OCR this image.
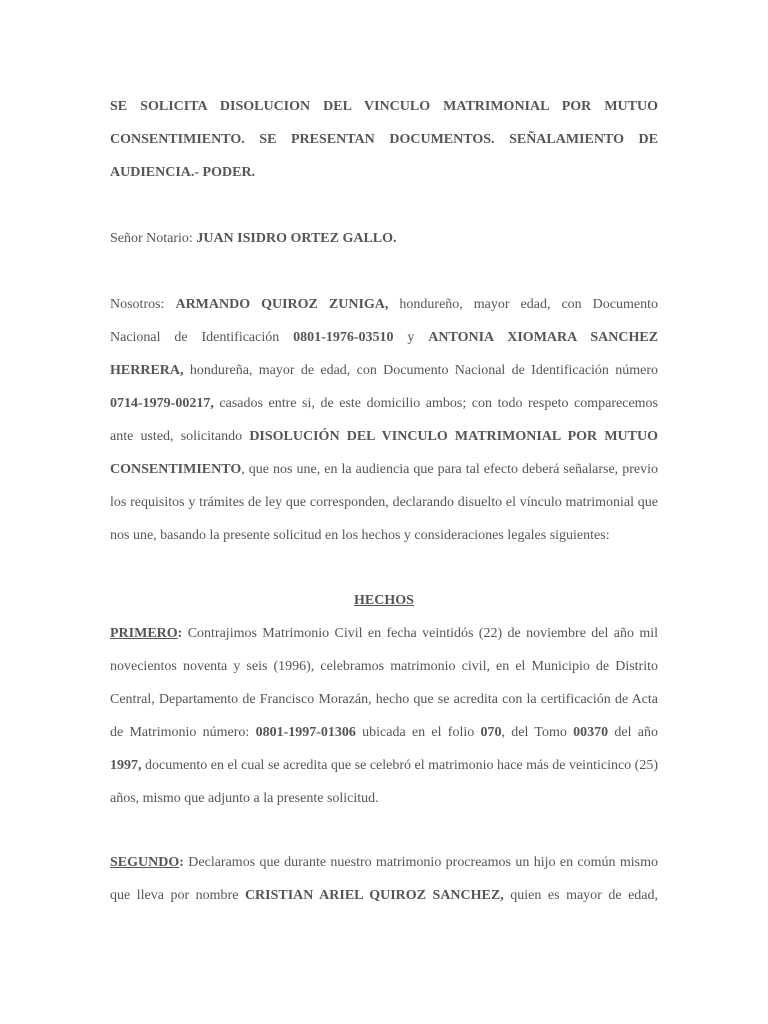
SE SOLICITA DISOLUCION DEL VINCULO MATRIMONIAL POR MUTUO
CONSENTIMIENTO. SE PRESENTAN DOCUMENTOS. SEÑALAMIENTO DE
AUDIENCIA.- PODER.
Señor Notario: JUAN ISIDRO ORTEZ GALLO.
Nosotros: ARMANDO QUIROZ ZUNIGA, hondureño, mayor edad, con Documento
Nacional de Identificación 0801-1976-03510 y ANTONIA XIOMARA SANCHEZ
HERRERA, hondureña, mayor de edad, con Documento Nacional de Identificación número
0714-1979-00217, casados entre si, de este domicilio ambos; con todo respeto comparecemos
ante usted, solicitando DISOLUCIÓN DEL VINCULO MATRIMONIAL POR MUTUO
CONSENTIMIENTO, que nos une, en la audiencia que para tal efecto deberá señalarse, previo
los requisitos y trámites de ley que corresponden, declarando disuelto el vínculo matrimonial que
nos une, basando la presente solicitud en los hechos y consideraciones legales siguientes:
HECHOS
PRIMERO: Contrajimos Matrimonio Civil en fecha veintidós (22) de noviembre del año mil
novecientos noventa y seis (1996), celebramos matrimonio civil, en el Municipio de Distrito
Central, Departamento de Francisco Morazán, hecho que se acredita con la certificación de Acta
de Matrimonio número: 0801-1997-01306 ubicada en el folio 070, del Tomo 00370 del año
1997, documento en el cual se acredita que se celebró el matrimonio hace más de veinticinco (25)
años, mismo que adjunto a la presente solicitud.
SEGUNDO: Declaramos que durante nuestro matrimonio procreamos un hijo en común mismo
que lleva por nombre CRISTIAN ARIEL QUIROZ SANCHEZ, quien es mayor de edad,
